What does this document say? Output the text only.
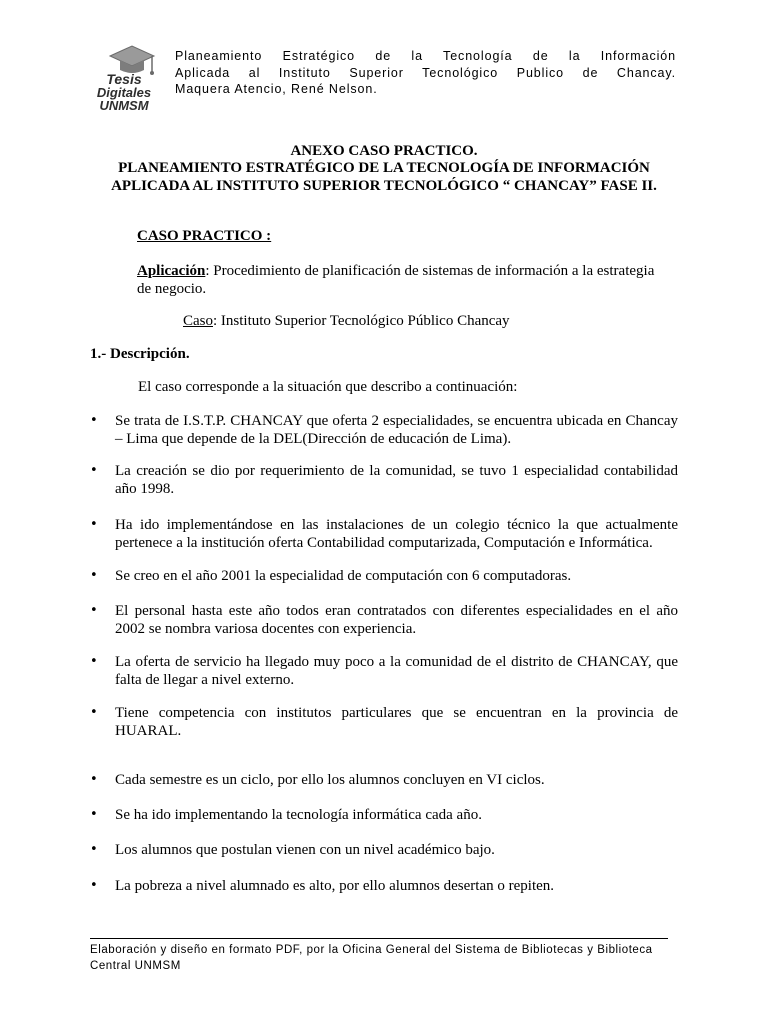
Tesis
Digitales
UNMSM
Planeamiento Estratégico de la Tecnología de la Información
Aplicada al Instituto Superior Tecnológico Publico de Chancay.
Maquera Atencio, René Nelson.
ANEXO CASO PRACTICO.
PLANEAMIENTO ESTRATÉGICO DE LA TECNOLOGÍA DE INFORMACIÓN
APLICADA AL INSTITUTO SUPERIOR TECNOLÓGICO “ CHANCAY” FASE II.
CASO PRACTICO :
Aplicación: Procedimiento de planificación de sistemas de información a la estrategia de negocio.
Caso: Instituto Superior Tecnológico Público Chancay
1.- Descripción.
El caso corresponde a la situación que describo a continuación:
• Se trata de I.S.T.P. CHANCAY que oferta 2 especialidades, se encuentra ubicada en Chancay – Lima que depende de la DEL(Dirección de educación de Lima).
• La creación se dio por requerimiento de la comunidad, se tuvo 1 especialidad contabilidad año 1998.
• Ha ido implementándose en las instalaciones de un colegio técnico la que actualmente pertenece a la institución oferta Contabilidad computarizada, Computación e Informática.
• Se creo en el año 2001 la especialidad de computación con 6 computadoras.
• El personal hasta este año todos eran contratados con diferentes especialidades en el año 2002 se nombra variosa docentes con experiencia.
• La oferta de servicio ha llegado muy poco a la comunidad de el distrito de CHANCAY, que falta de llegar a nivel externo.
• Tiene competencia con institutos particulares que se encuentran en la provincia de HUARAL.
• Cada semestre es un ciclo, por ello los alumnos concluyen en VI ciclos.
• Se ha ido implementando la tecnología informática cada año.
• Los alumnos que postulan vienen con un nivel académico bajo.
• La pobreza a nivel alumnado es alto, por ello alumnos desertan o repiten.
Elaboración y diseño en formato PDF, por la Oficina General del Sistema de Bibliotecas y Biblioteca Central UNMSM
